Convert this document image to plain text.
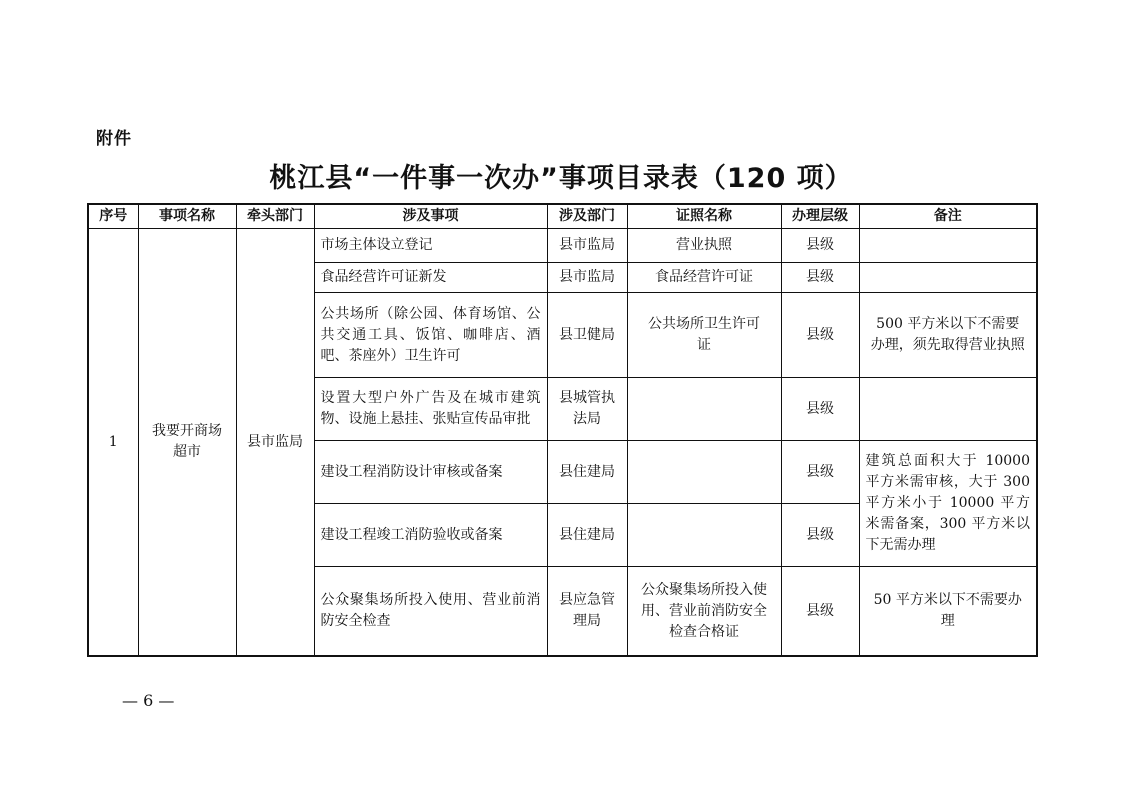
附件
桃江县“一件事一次办”事项目录表（120 项）
序号	事项名称	牵头部门	涉及事项	涉及部门	证照名称	办理层级	备注
1	我要开商场超市	县市监局	市场主体设立登记	县市监局	营业执照	县级	
			食品经营许可证新发	县市监局	食品经营许可证	县级	
			公共场所（除公园、体育场馆、公共交通工具、饭馆、咖啡店、酒吧、茶座外）卫生许可	县卫健局	公共场所卫生许可证	县级	500 平方米以下不需要办理，须先取得营业执照
			设置大型户外广告及在城市建筑物、设施上悬挂、张贴宣传品审批	县城管执法局		县级	
			建设工程消防设计审核或备案	县住建局		县级	建筑总面积大于 10000 平方米需审核，大于 300 平方米小于 10000 平方米需备案，300 平方米以下无需办理
			建设工程竣工消防验收或备案	县住建局		县级	
			公众聚集场所投入使用、营业前消防安全检查	县应急管理局	公众聚集场所投入使用、营业前消防安全检查合格证	县级	50 平方米以下不需要办理
— 6 —
